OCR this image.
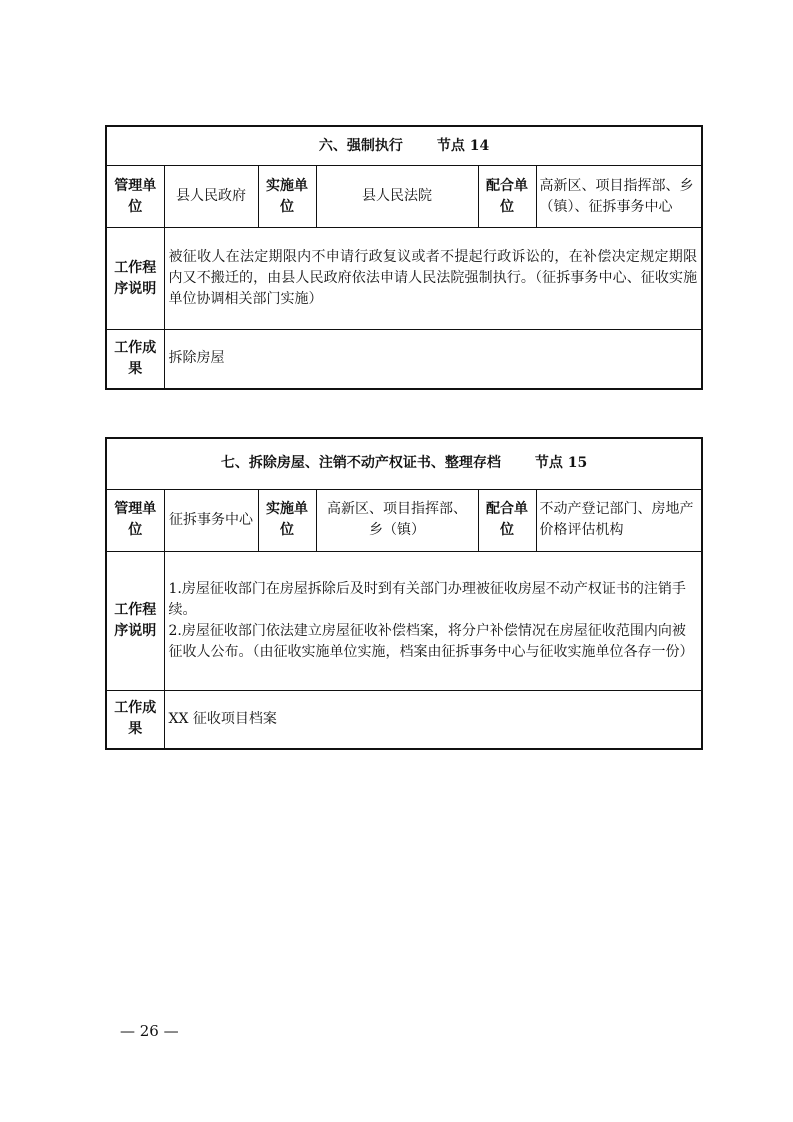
六、强制执行 节点 14					
管理单位	县人民政府	实施单位	县人民法院	配合单位	高新区、项目指挥部、乡（镇）、征拆事务中心
工作程序说明	被征收人在法定期限内不申请行政复议或者不提起行政诉讼的，在补偿决定规定期限内又不搬迁的，由县人民政府依法申请人民法院强制执行。（征拆事务中心、征收实施单位协调相关部门实施）				
工作成果	拆除房屋				
七、拆除房屋、注销不动产权证书、整理存档 节点 15					
管理单位	征拆事务中心	实施单位	高新区、项目指挥部、乡（镇）	配合单位	不动产登记部门、房地产价格评估机构
工作程序说明	1.房屋征收部门在房屋拆除后及时到有关部门办理被征收房屋不动产权证书的注销手续。
2.房屋征收部门依法建立房屋征收补偿档案，将分户补偿情况在房屋征收范围内向被征收人公布。（由征收实施单位实施，档案由征拆事务中心与征收实施单位各存一份）				

工作成果	XX 征收项目档案				
— 26 —
